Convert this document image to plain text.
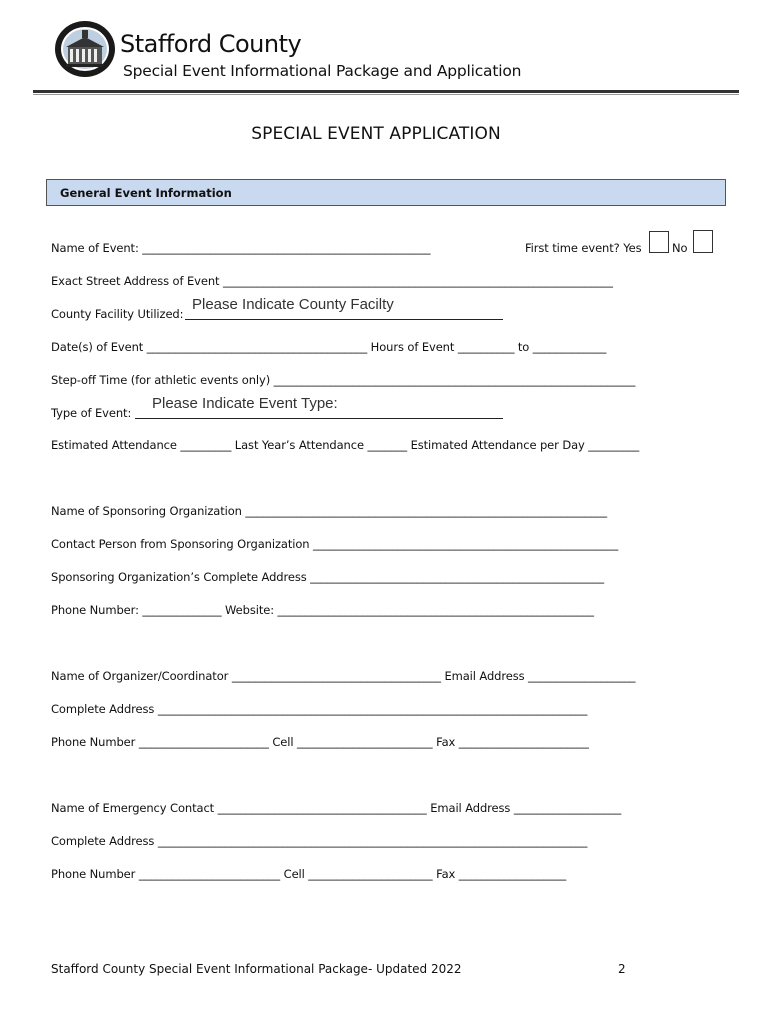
Stafford County
Special Event Informational Package and Application
SPECIAL EVENT APPLICATION
General Event Information
Name of Event: ___________________________________________________	First time event? Yes	No
Exact Street Address of Event _____________________________________________________________________
County Facility Utilized:
Please Indicate County Facilty
Date(s) of Event _______________________________________ Hours of Event __________ to _____________
Step-off Time (for athletic events only) ________________________________________________________________
Type of Event:
Please Indicate Event Type:
Estimated Attendance _________ Last Year’s Attendance _______ Estimated Attendance per Day _________
Name of Sponsoring Organization ________________________________________________________________
Contact Person from Sponsoring Organization ______________________________________________________
Sponsoring Organization’s Complete Address ____________________________________________________
Phone Number: ______________ Website: ________________________________________________________
Name of Organizer/Coordinator _____________________________________ Email Address ___________________
Complete Address ____________________________________________________________________________
Phone Number _______________________ Cell ________________________ Fax _______________________
Name of Emergency Contact _____________________________________ Email Address ___________________
Complete Address ____________________________________________________________________________
Phone Number _________________________ Cell ______________________ Fax ___________________
Stafford County Special Event Informational Package- Updated 2022	2
